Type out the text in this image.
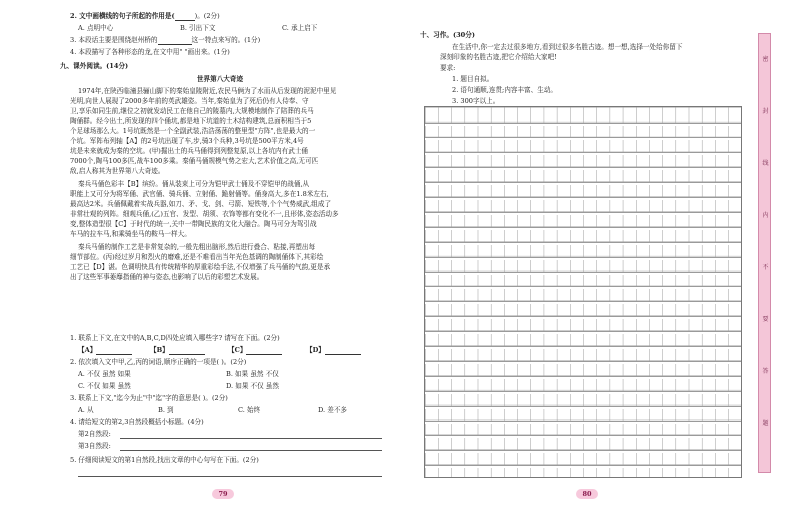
2. 文中画横线的句子所起的作用是(	)。(2分)
A. 点明中心	B. 引出下文	C. 承上启下
3. 本段话主要是围绕赵州桥的	这一特点来写的。(1分)
4. 本段描写了各种形态的龙,在文中用" "画出来。(1分)
九、课外阅读。(14分)
世界第八大奇迹
1974年,在陕西临潼县骊山脚下的秦始皇陵附近,农民马俩为了水而从后发现的泥泥中里见
光明,向世人展现了2000多年前的英武雄姿。当年,秦始皇为了死后仍有人侍奉、守
卫,享乐如同生前,继位之初就发动民工在他自己的陵墓内,大规模地制作了陪葬的兵马
陶俑群。经今出土,所发现的四个俑坑,都是地下坑道的土木结构建筑,总面积相当于5
个足球场那么大。1号坑既然是一个全副武装,浩浩荡荡的整里型"方阵",也是最大的一
个坑。军阵布列轴【A】的2号坑出现了车,步,骑3个兵种,3号坑是500平方米,4号
坑是未来就成为秦的空坑。(甲)掘出土的兵马俑得到列整复原,以上各坑内有武士俑
7000个,陶马100多匹,战车100多乘。秦俑马俑规模气势之宏大,艺术价值之高,无可匹
敌,启人称其为世界第八大奇迹。
秦兵马俑色彩丰【B】缤纷。俑从装束上可分为铠甲武士俑及不穿铠甲的战俑,从
职能上又可分为将军俑、武官俑、骑兵俑、立射俑、跪射俑等。俑身高大,多在1.8米左右,
最高达2米。兵俑佩戴着实战兵器,如刀、矛、戈、剑、弓箭、短铁等,个个气势威武,组成了
非常壮观的列阵。细观兵俑,(乙)五官、发型、胡须、衣饰等都有变化不一,且形体,姿态活动多
变,整体造型很【C】于时代的统一,关中一带陶民族的文化大融合。陶马可分为驾引战
车马的拉车马,和乘骑坐马的鞍马一样大。
秦兵马俑的制作工艺是非常复杂的,一般先粗出脑形,然后进行叠合、粘接,再塑出每
细节部位。(丙)经过岁月和烈火的磨难,还是不难看出当年光色基调的陶制俑体下,其彩绘
工艺已【D】湛。色调明快具有传统精华的厚重彩绘手法,不仅增强了兵马俑的气韵,更是承
出了这些军事萎靡指俑的神与姿态,也影响了以后的彩塑艺术发展。
1. 联系上下文,在文中的A,B,C,D四处应填入哪些字? 请写在下面。(2分)
【A】	【B】	【C】	【D】
2. 依次填入文中甲,乙,丙的词语,顺序正确的一项是( )。(2分)
A. 不仅 虽然 如果	B. 如果 虽然 不仅
C. 不仅 如果 虽然	D. 如果 不仅 虽然
3. 联系上下文,"迄今为止"中"迄"字的意思是( )。(2分)
A. 从	B. 到	C. 始终	D. 差不多
4. 请给短文的第2,3自然段概括小标题。(4分)
第2自然段:
第3自然段:
5. 仔细阅读短文的第1自然段,找出文章的中心句写在下面。(2分)
79
十、习作。(30分)
在生活中,你一定去过很多地方,看到过很多名胜古迹。想一想,选择一处给你留下
深刻印象的名胜古迹,把它介绍给大家吧!
要求:
1. 题目自拟。
2. 语句通顺,连贯;内容丰富、生动。
3. 300字以上。
80
密
封
线
内
不
要
答
题
